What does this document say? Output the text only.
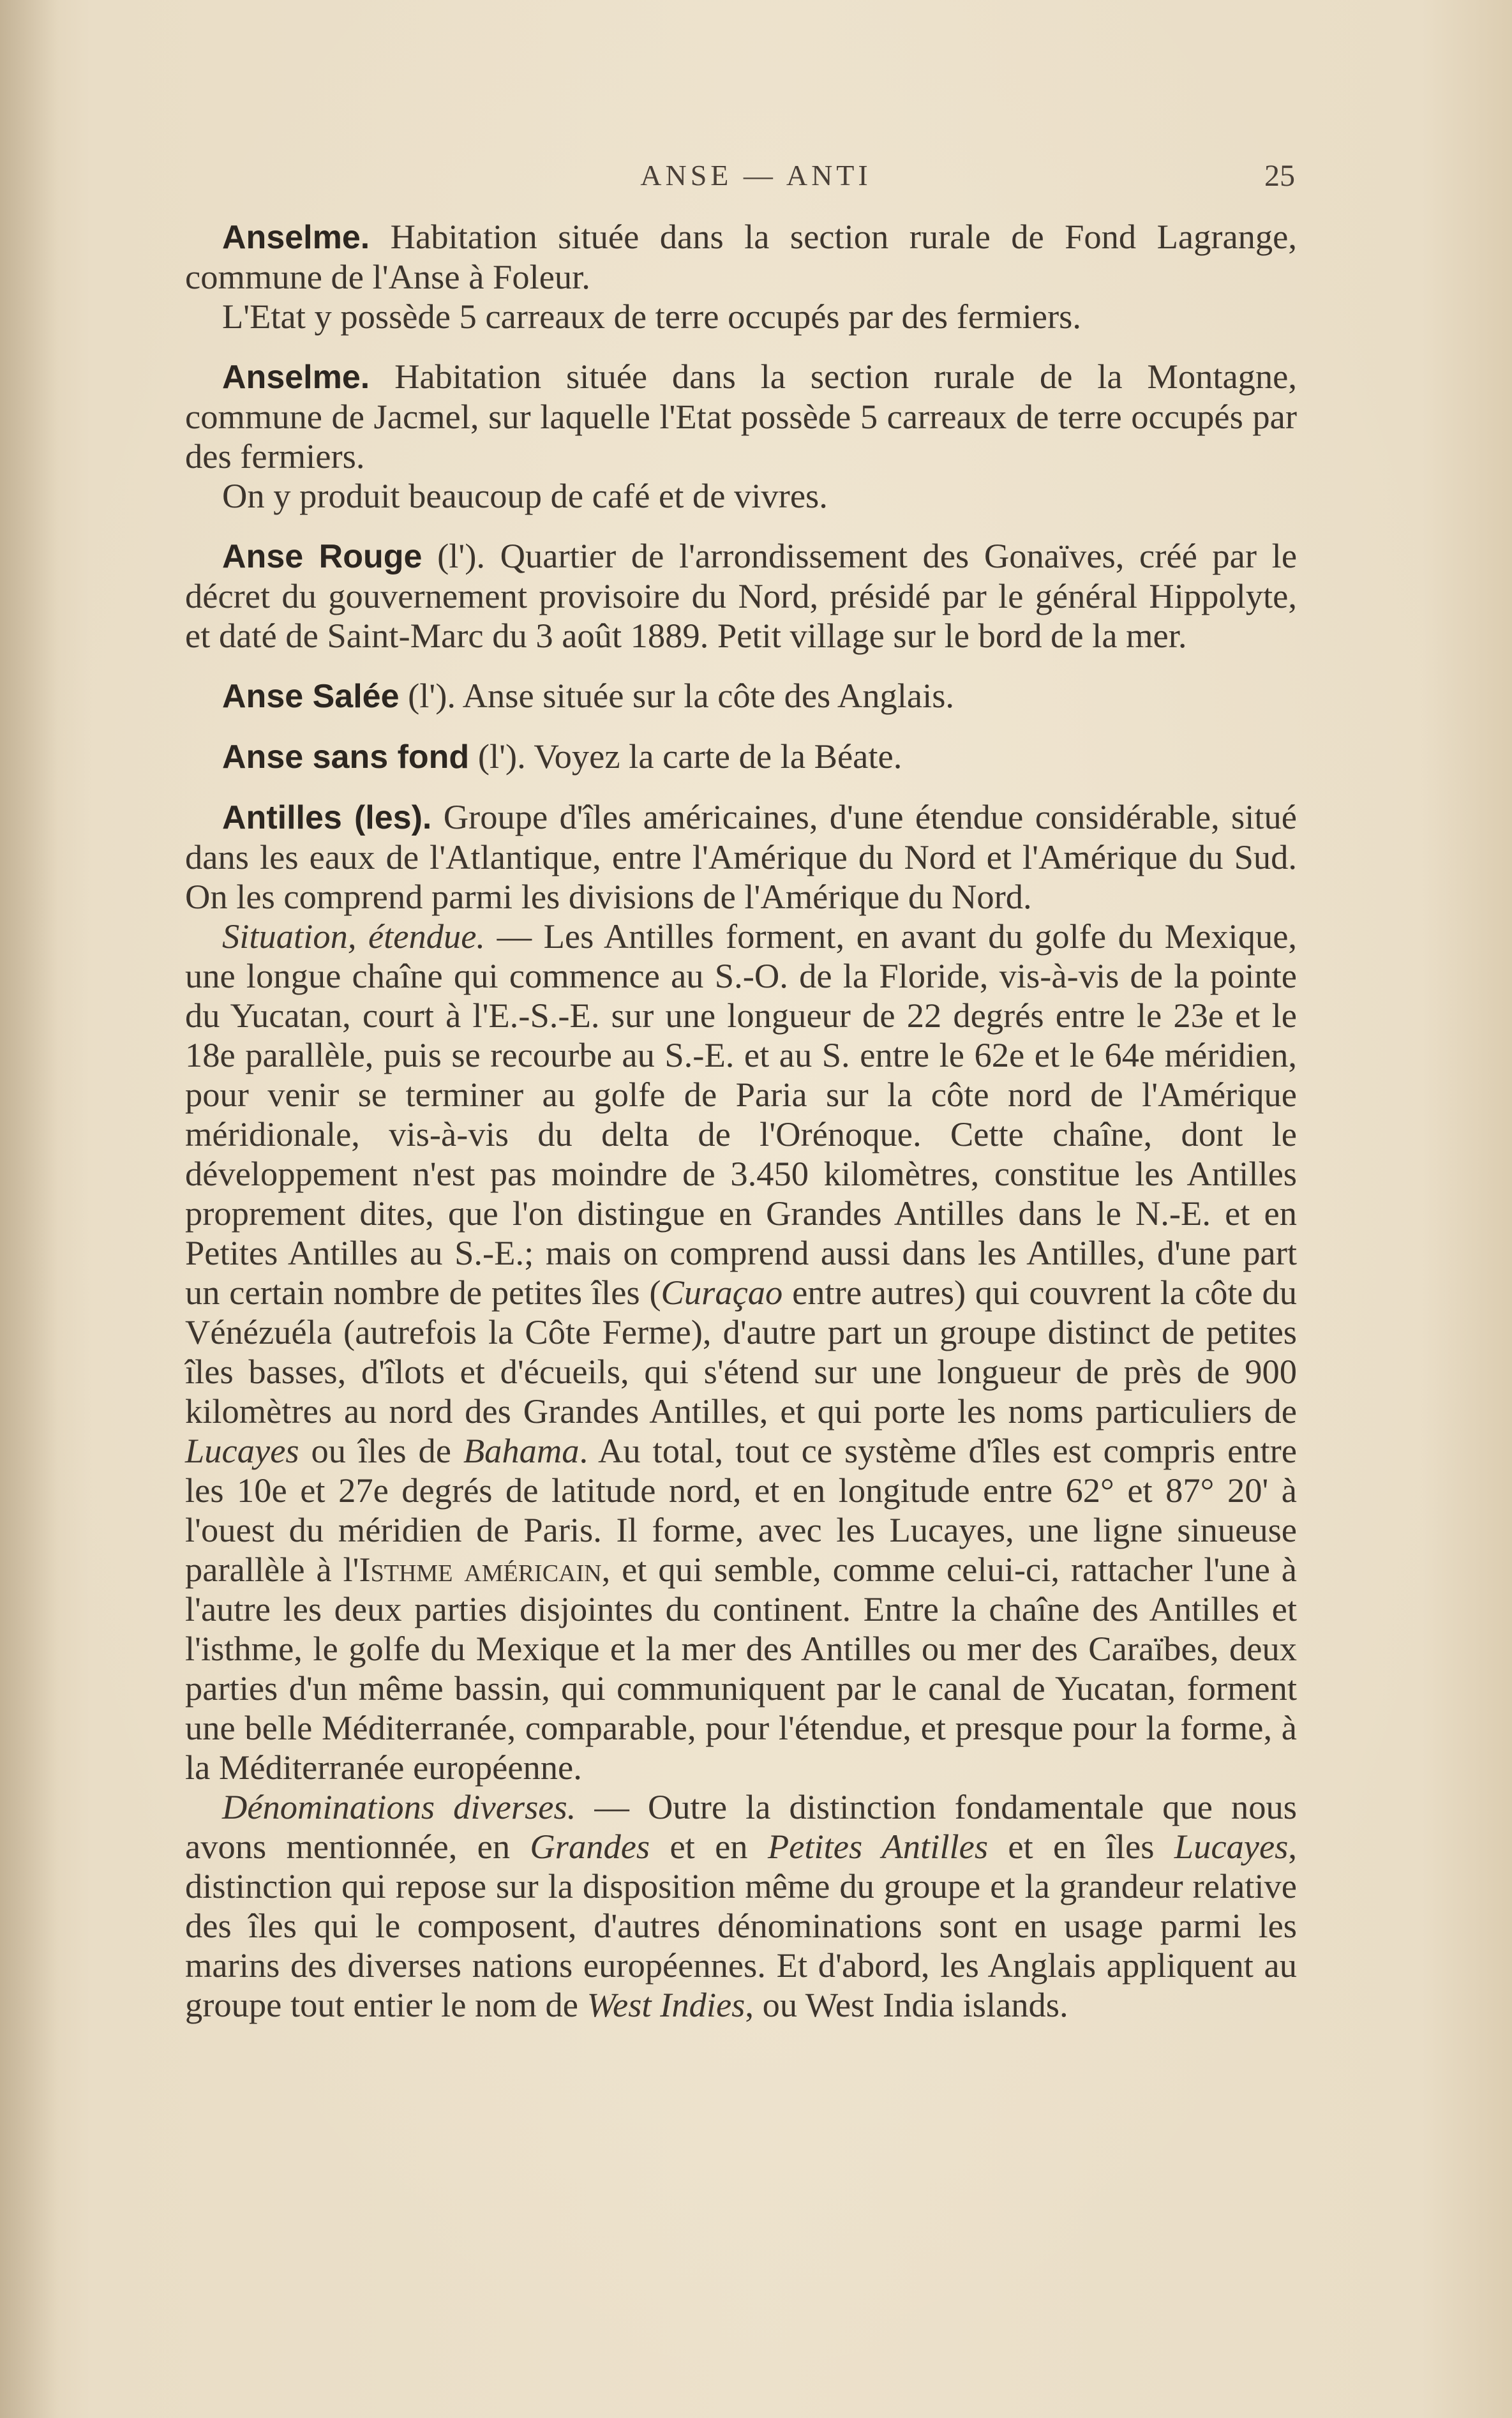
ANSE — ANTI	25

Anselme. Habitation située dans la section rurale de Fond Lagrange, commune de l'Anse à Foleur.

L'Etat y possède 5 carreaux de terre occupés par des fermiers.

Anselme. Habitation située dans la section rurale de la Montagne, commune de Jacmel, sur laquelle l'Etat possède 5 carreaux de terre occupés par des fermiers.

On y produit beaucoup de café et de vivres.

Anse Rouge (l'). Quartier de l'arrondissement des Gonaïves, créé par le décret du gouvernement provisoire du Nord, présidé par le général Hippolyte, et daté de Saint-Marc du 3 août 1889. Petit village sur le bord de la mer.

Anse Salée (l'). Anse située sur la côte des Anglais.

Anse sans fond (l'). Voyez la carte de la Béate.

Antilles (les). Groupe d'îles américaines, d'une étendue considérable, situé dans les eaux de l'Atlantique, entre l'Amérique du Nord et l'Amérique du Sud. On les comprend parmi les divisions de l'Amérique du Nord.

Situation, étendue. — Les Antilles forment, en avant du golfe du Mexique, une longue chaîne qui commence au S.-O. de la Floride, vis-à-vis de la pointe du Yucatan, court à l'E.-S.-E. sur une longueur de 22 degrés entre le 23e et le 18e parallèle, puis se recourbe au S.-E. et au S. entre le 62e et le 64e méridien, pour venir se terminer au golfe de Paria sur la côte nord de l'Amérique méridionale, vis-à-vis du delta de l'Orénoque. Cette chaîne, dont le développement n'est pas moindre de 3.450 kilomètres, constitue les Antilles proprement dites, que l'on distingue en Grandes Antilles dans le N.-E. et en Petites Antilles au S.-E.; mais on comprend aussi dans les Antilles, d'une part un certain nombre de petites îles (Curaçao entre autres) qui couvrent la côte du Vénézuéla (autrefois la Côte Ferme), d'autre part un groupe distinct de petites îles basses, d'îlots et d'écueils, qui s'étend sur une longueur de près de 900 kilomètres au nord des Grandes Antilles, et qui porte les noms particuliers de Lucayes ou îles de Bahama. Au total, tout ce système d'îles est compris entre les 10e et 27e degrés de latitude nord, et en longitude entre 62° et 87° 20' à l'ouest du méridien de Paris. Il forme, avec les Lucayes, une ligne sinueuse parallèle à l'Isthme américain, et qui semble, comme celui-ci, rattacher l'une à l'autre les deux parties disjointes du continent. Entre la chaîne des Antilles et l'isthme, le golfe du Mexique et la mer des Antilles ou mer des Caraïbes, deux parties d'un même bassin, qui communiquent par le canal de Yucatan, forment une belle Méditerranée, comparable, pour l'étendue, et presque pour la forme, à la Méditerranée européenne.

Dénominations diverses. — Outre la distinction fondamentale que nous avons mentionnée, en Grandes et en Petites Antilles et en îles Lucayes, distinction qui repose sur la disposition même du groupe et la grandeur relative des îles qui le composent, d'autres dénominations sont en usage parmi les marins des diverses nations européennes. Et d'abord, les Anglais appliquent au groupe tout entier le nom de West Indies, ou West India islands.
